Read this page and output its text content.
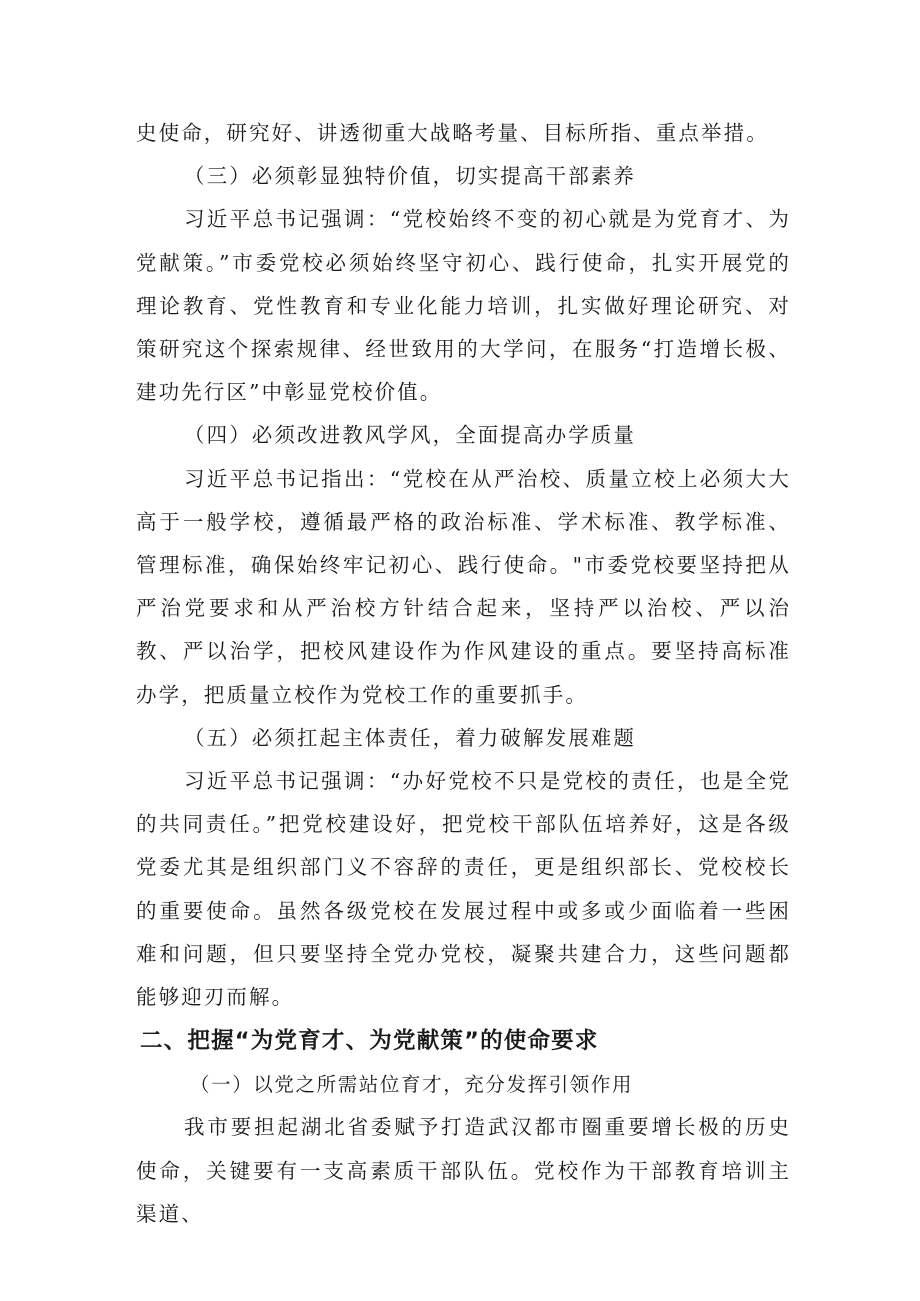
史使命，研究好、讲透彻重大战略考量、目标所指、重点举措。

（三）必须彰显独特价值，切实提高干部素养

习近平总书记强调：“党校始终不变的初心就是为党育才、为党献策。”市委党校必须始终坚守初心、践行使命，扎实开展党的理论教育、党性教育和专业化能力培训，扎实做好理论研究、对策研究这个探索规律、经世致用的大学问，在服务“打造增长极、建功先行区”中彰显党校价值。

（四）必须改进教风学风，全面提高办学质量

习近平总书记指出：“党校在从严治校、质量立校上必须大大高于一般学校，遵循最严格的政治标准、学术标准、教学标准、管理标准，确保始终牢记初心、践行使命。"市委党校要坚持把从严治党要求和从严治校方针结合起来，坚持严以治校、严以治教、严以治学，把校风建设作为作风建设的重点。要坚持高标准办学，把质量立校作为党校工作的重要抓手。

（五）必须扛起主体责任，着力破解发展难题

习近平总书记强调：“办好党校不只是党校的责任，也是全党的共同责任。”把党校建设好，把党校干部队伍培养好，这是各级党委尤其是组织部门义不容辞的责任，更是组织部长、党校校长的重要使命。虽然各级党校在发展过程中或多或少面临着一些困难和问题，但只要坚持全党办党校，凝聚共建合力，这些问题都能够迎刃而解。

二、把握“为党育才、为党献策”的使命要求

（一）以党之所需站位育才，充分发挥引领作用

我市要担起湖北省委赋予打造武汉都市圈重要增长极的历史使命，关键要有一支高素质干部队伍。党校作为干部教育培训主渠道、
